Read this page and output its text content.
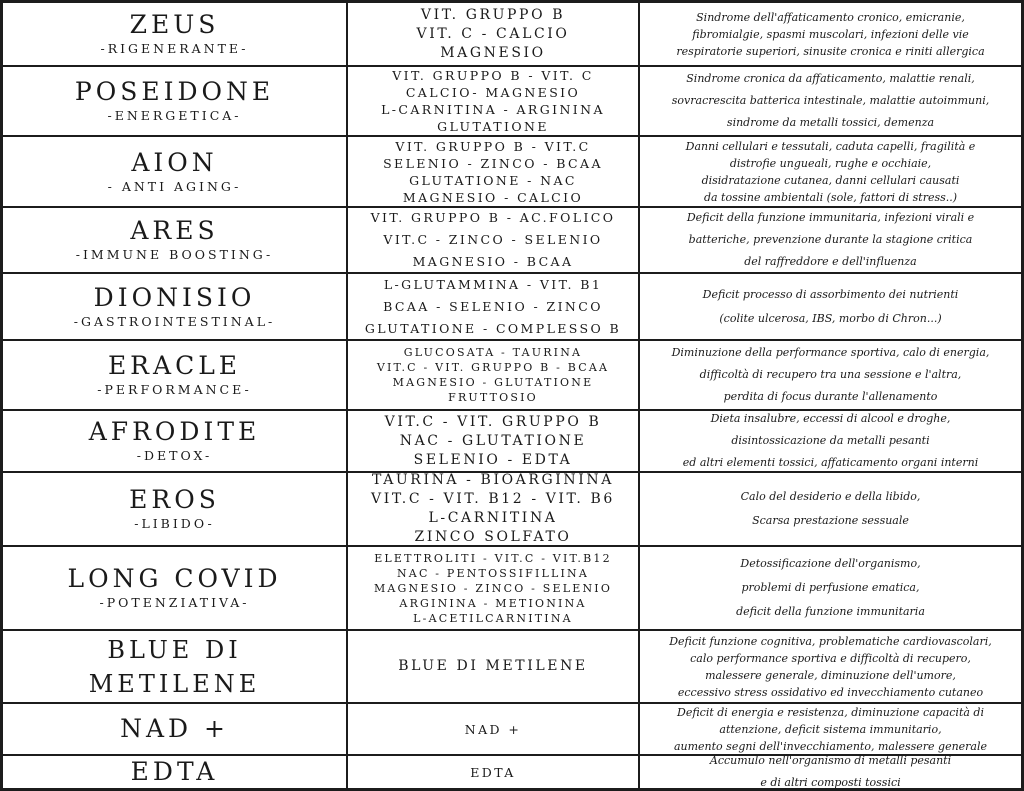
ZEUS
-RIGENERANTE-
VIT. GRUPPO B
VIT. C - CALCIO
MAGNESIO
Sindrome dell'affaticamento cronico, emicranie,
fibromialgie, spasmi muscolari, infezioni delle vie
respiratorie superiori, sinusite cronica e riniti allergica
POSEIDONE
-ENERGETICA-
VIT. GRUPPO B - VIT. C
CALCIO- MAGNESIO
L-CARNITINA - ARGININA
GLUTATIONE
Sindrome cronica da affaticamento, malattie renali,
sovracrescita batterica intestinale, malattie autoimmuni,
sindrome da metalli tossici, demenza
AION
- ANTI AGING-
VIT. GRUPPO B - VIT.C
SELENIO - ZINCO - BCAA
GLUTATIONE - NAC
MAGNESIO - CALCIO
Danni cellulari e tessutali, caduta capelli, fragilità e
distrofie ungueali, rughe e occhiaie,
disidratazione cutanea, danni cellulari causati
da tossine ambientali (sole, fattori di stress..)
ARES
-IMMUNE BOOSTING-
VIT. GRUPPO B - AC.FOLICO
VIT.C - ZINCO - SELENIO
MAGNESIO - BCAA
Deficit della funzione immunitaria, infezioni virali e
batteriche, prevenzione durante la stagione critica
del raffreddore e dell'influenza
DIONISIO
-GASTROINTESTINAL-
L-GLUTAMMINA - VIT. B1
BCAA - SELENIO - ZINCO
GLUTATIONE - COMPLESSO B
Deficit processo di assorbimento dei nutrienti
(colite ulcerosa, IBS, morbo di Chron...)
ERACLE
-PERFORMANCE-
GLUCOSATA - TAURINA
VIT.C - VIT. GRUPPO B - BCAA
MAGNESIO - GLUTATIONE
FRUTTOSIO
Diminuzione della performance sportiva, calo di energia,
difficoltà di recupero tra una sessione e l'altra,
perdita di focus durante l'allenamento
AFRODITE
-DETOX-
VIT.C - VIT. GRUPPO B
NAC - GLUTATIONE
SELENIO - EDTA
Dieta insalubre, eccessi di alcool e droghe,
disintossicazione da metalli pesanti
ed altri elementi tossici, affaticamento organi interni
EROS
-LIBIDO-
TAURINA - BIOARGININA
VIT.C - VIT. B12 - VIT. B6
L-CARNITINA
ZINCO SOLFATO
Calo del desiderio e della libido,
Scarsa prestazione sessuale
LONG COVID
-POTENZIATIVA-
ELETTROLITI - VIT.C - VIT.B12
NAC - PENTOSSIFILLINA
MAGNESIO - ZINCO - SELENIO
ARGININA - METIONINA
L-ACETILCARNITINA
Detossificazione dell'organismo,
problemi di perfusione ematica,
deficit della funzione immunitaria
BLUE DI
METILENE
BLUE DI METILENE
Deficit funzione cognitiva, problematiche cardiovascolari,
calo performance sportiva e difficoltà di recupero,
malessere generale, diminuzione dell'umore,
eccessivo stress ossidativo ed invecchiamento cutaneo
NAD +	NAD +
Deficit di energia e resistenza, diminuzione capacità di
attenzione, deficit sistema immunitario,
aumento segni dell'invecchiamento, malessere generale
EDTA	EDTA
Accumulo nell'organismo di metalli pesanti
e di altri composti tossici
